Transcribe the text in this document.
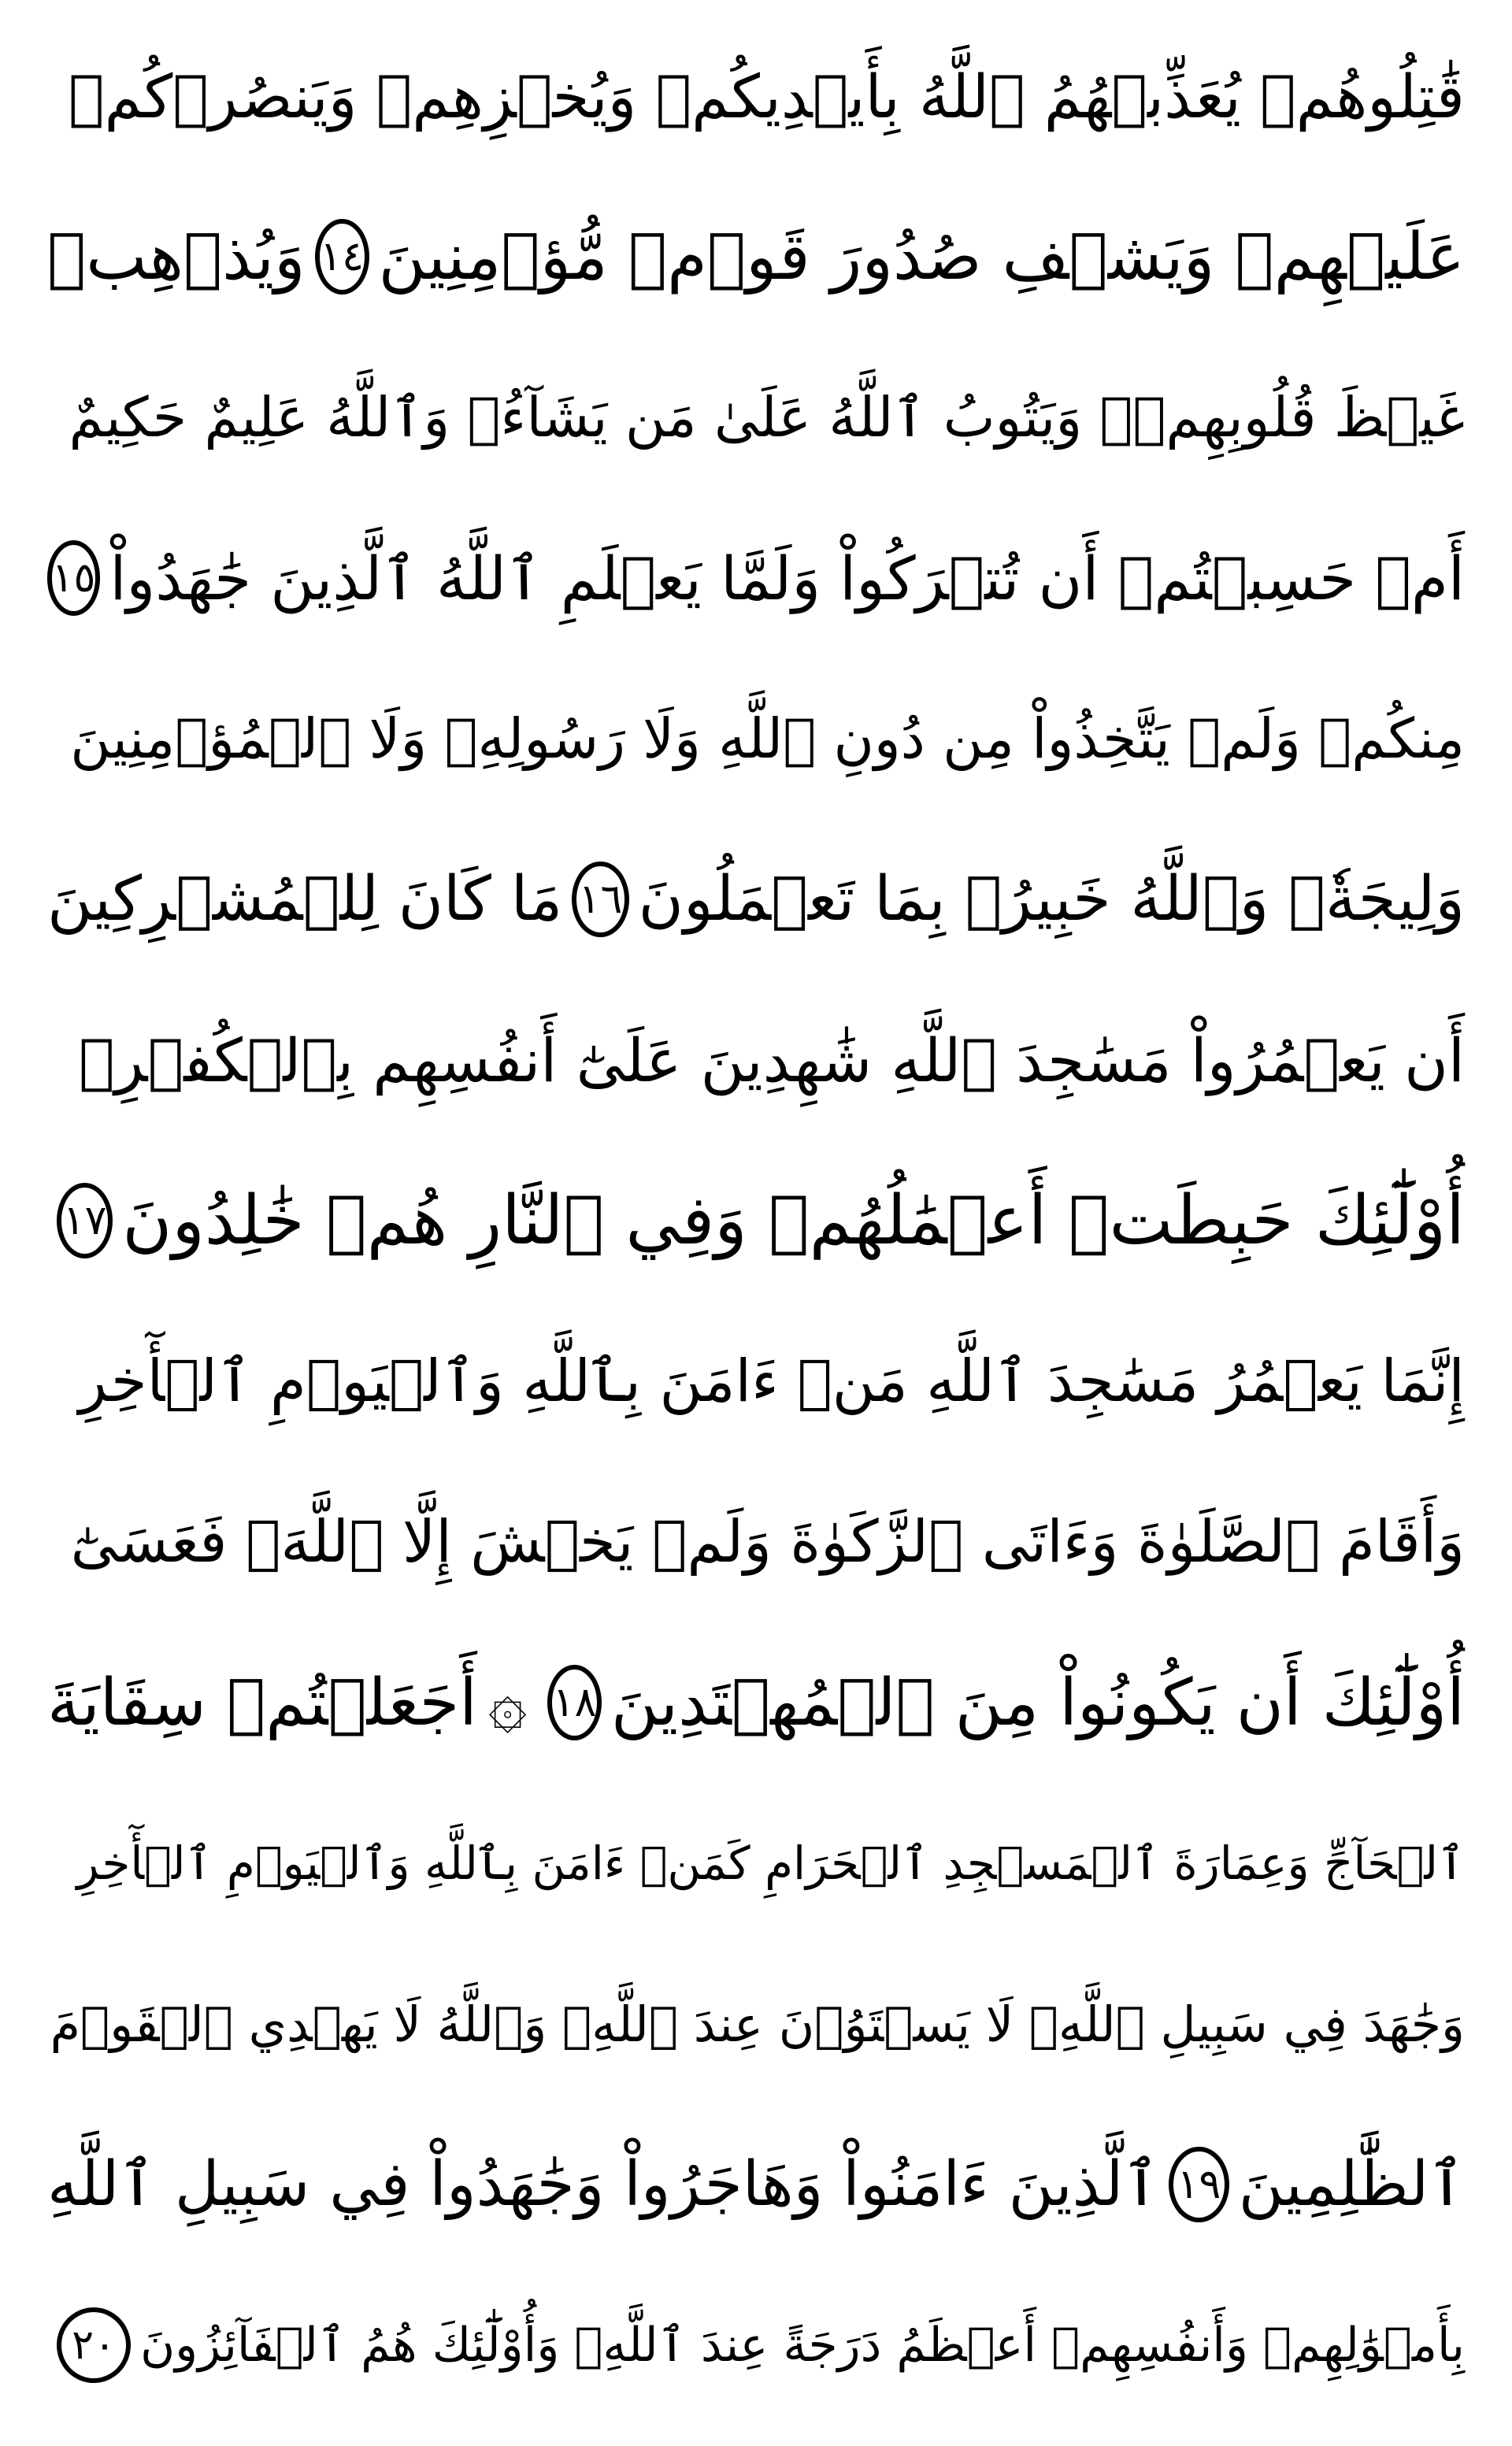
قَٰتِلُوهُمۡ يُعَذِّبۡهُمُ ٱللَّهُ بِأَيۡدِيكُمۡ وَيُخۡزِهِمۡ وَيَنصُرۡكُمۡ
عَلَيۡهِمۡ وَيَشۡفِ صُدُورَ قَوۡمٖ مُّؤۡمِنِينَ
١٤
وَيُذۡهِبۡ
غَيۡظَ قُلُوبِهِمۡۗ وَيَتُوبُ ٱللَّهُ عَلَىٰ مَن يَشَآءُۗ وَٱللَّهُ عَلِيمٌ حَكِيمٌ
أَمۡ حَسِبۡتُمۡ أَن تُتۡرَكُواْ وَلَمَّا يَعۡلَمِ ٱللَّهُ ٱلَّذِينَ جَٰهَدُواْ
١٥
مِنكُمۡ وَلَمۡ يَتَّخِذُواْ مِن دُونِ ٱللَّهِ وَلَا رَسُولِهِۦ وَلَا ٱلۡمُؤۡمِنِينَ
وَلِيجَةٗۚ وَٱللَّهُ خَبِيرُۢ بِمَا تَعۡمَلُونَ
١٦
مَا كَانَ لِلۡمُشۡرِكِينَ
أَن يَعۡمُرُواْ مَسَٰجِدَ ٱللَّهِ شَٰهِدِينَ عَلَىٰٓ أَنفُسِهِم بِٱلۡكُفۡرِۚ
أُوْلَٰٓئِكَ حَبِطَتۡ أَعۡمَٰلُهُمۡ وَفِي ٱلنَّارِ هُمۡ خَٰلِدُونَ
١٧
إِنَّمَا يَعۡمُرُ مَسَٰجِدَ ٱللَّهِ مَنۡ ءَامَنَ بِٱللَّهِ وَٱلۡيَوۡمِ ٱلۡأٓخِرِ
وَأَقَامَ ٱلصَّلَوٰةَ وَءَاتَى ٱلزَّكَوٰةَ وَلَمۡ يَخۡشَ إِلَّا ٱللَّهَۖ فَعَسَىٰٓ
أُوْلَٰٓئِكَ أَن يَكُونُواْ مِنَ ٱلۡمُهۡتَدِينَ
١٨
۞
أَجَعَلۡتُمۡ سِقَايَةَ
ٱلۡحَآجِّ وَعِمَارَةَ ٱلۡمَسۡجِدِ ٱلۡحَرَامِ كَمَنۡ ءَامَنَ بِٱللَّهِ وَٱلۡيَوۡمِ ٱلۡأٓخِرِ
وَجَٰهَدَ فِي سَبِيلِ ٱللَّهِۚ لَا يَسۡتَوُۥنَ عِندَ ٱللَّهِۗ وَٱللَّهُ لَا يَهۡدِي ٱلۡقَوۡمَ
ٱلظَّٰلِمِينَ
١٩
ٱلَّذِينَ ءَامَنُواْ وَهَاجَرُواْ وَجَٰهَدُواْ فِي سَبِيلِ ٱللَّهِ
بِأَمۡوَٰلِهِمۡ وَأَنفُسِهِمۡ أَعۡظَمُ دَرَجَةً عِندَ ٱللَّهِۚ وَأُوْلَٰٓئِكَ هُمُ ٱلۡفَآئِزُونَ
٢٠
